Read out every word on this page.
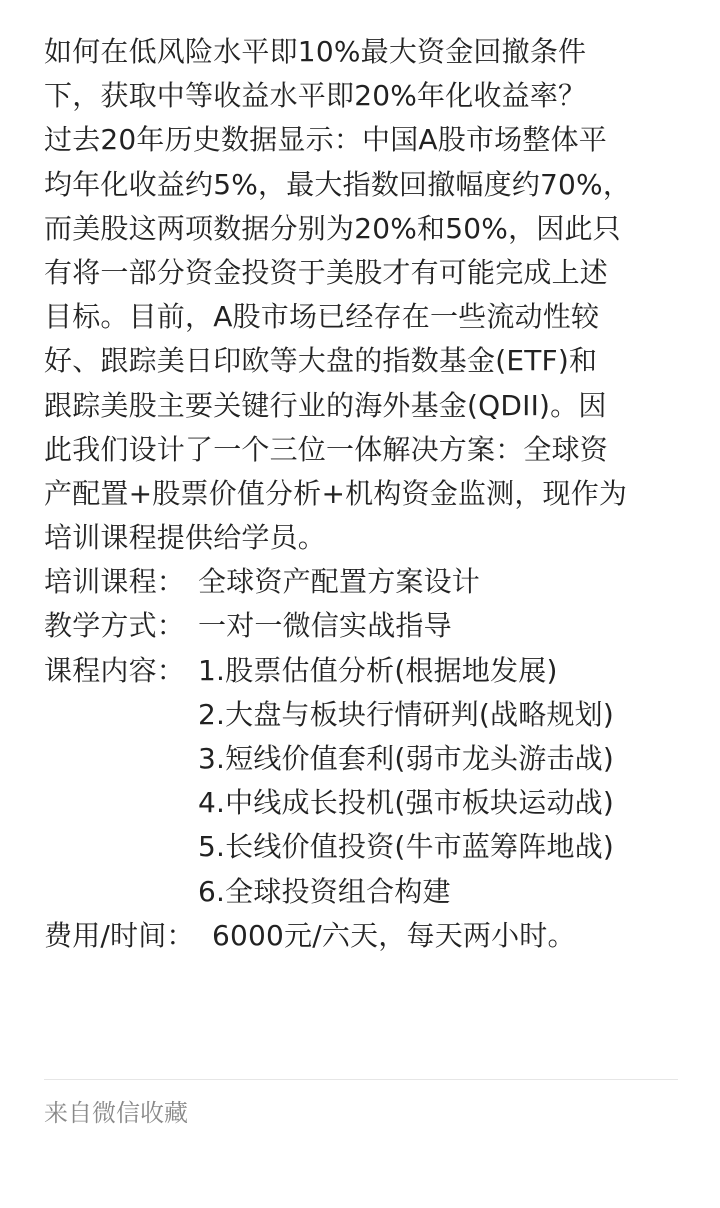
如何在低风险水平即10%最大资金回撤条件
下，获取中等收益水平即20%年化收益率？
过去20年历史数据显示：中国A股市场整体平
均年化收益约5%，最大指数回撤幅度约70%，
而美股这两项数据分别为20%和50%，因此只
有将一部分资金投资于美股才有可能完成上述
目标。目前，A股市场已经存在一些流动性较
好、跟踪美日印欧等大盘的指数基金(ETF)和
跟踪美股主要关键行业的海外基金(QDII)。因
此我们设计了一个三位一体解决方案：全球资
产配置+股票价值分析+机构资金监测，现作为
培训课程提供给学员。
培训课程： 全球资产配置方案设计
教学方式： 一对一微信实战指导
课程内容： 1.股票估值分析(根据地发展)
2.大盘与板块行情研判(战略规划)
3.短线价值套利(弱市龙头游击战)
4.中线成长投机(强市板块运动战)
5.长线价值投资(牛市蓝筹阵地战)
6.全球投资组合构建
费用/时间： 6000元/六天，每天两小时。
来自微信收藏
